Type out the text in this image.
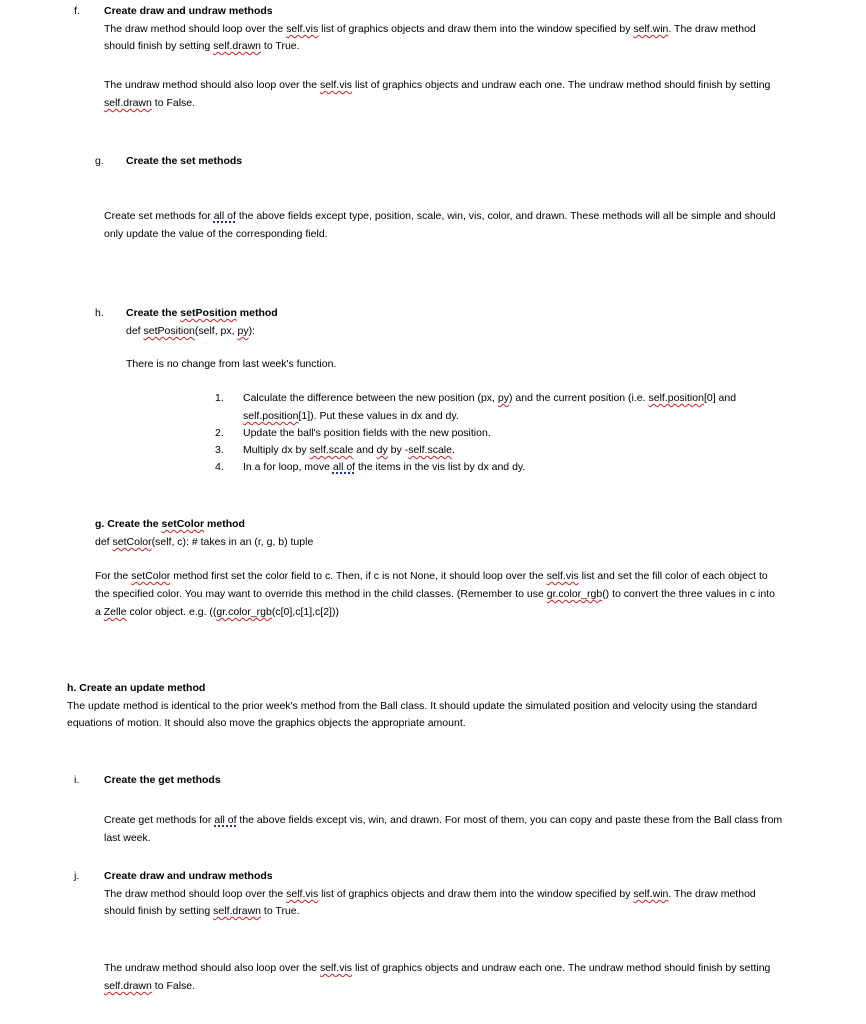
f. Create draw and undraw methods
The draw method should loop over the self.vis list of graphics objects and draw them into the window specified by self.win. The draw method
should finish by setting self.drawn to True.
The undraw method should also loop over the self.vis list of graphics objects and undraw each one. The undraw method should finish by setting
self.drawn to False.
g. Create the set methods
Create set methods for all of the above fields except type, position, scale, win, vis, color, and drawn. These methods will all be simple and should
only update the value of the corresponding field.
h. Create the setPosition method
def setPosition(self, px, py):
There is no change from last week's function.
1. Calculate the difference between the new position (px, py) and the current position (i.e. self.position[0] and
self.position[1]). Put these values in dx and dy.
2. Update the ball's position fields with the new position.
3. Multiply dx by self.scale and dy by -self.scale.
4. In a for loop, move all of the items in the vis list by dx and dy.
g. Create the setColor method
def setColor(self, c): # takes in an (r, g, b) tuple
For the setColor method first set the color field to c. Then, if c is not None, it should loop over the self.vis list and set the fill color of each object to
the specified color. You may want to override this method in the child classes. (Remember to use gr.color_rgb() to convert the three values in c into
a Zelle color object. e.g. ((gr.color_rgb(c[0],c[1],c[2]))
h. Create an update method
The update method is identical to the prior week's method from the Ball class. It should update the simulated position and velocity using the standard
equations of motion. It should also move the graphics objects the appropriate amount.
i. Create the get methods
Create get methods for all of the above fields except vis, win, and drawn. For most of them, you can copy and paste these from the Ball class from
last week.
j. Create draw and undraw methods
The draw method should loop over the self.vis list of graphics objects and draw them into the window specified by self.win. The draw method
should finish by setting self.drawn to True.
The undraw method should also loop over the self.vis list of graphics objects and undraw each one. The undraw method should finish by setting
self.drawn to False.
